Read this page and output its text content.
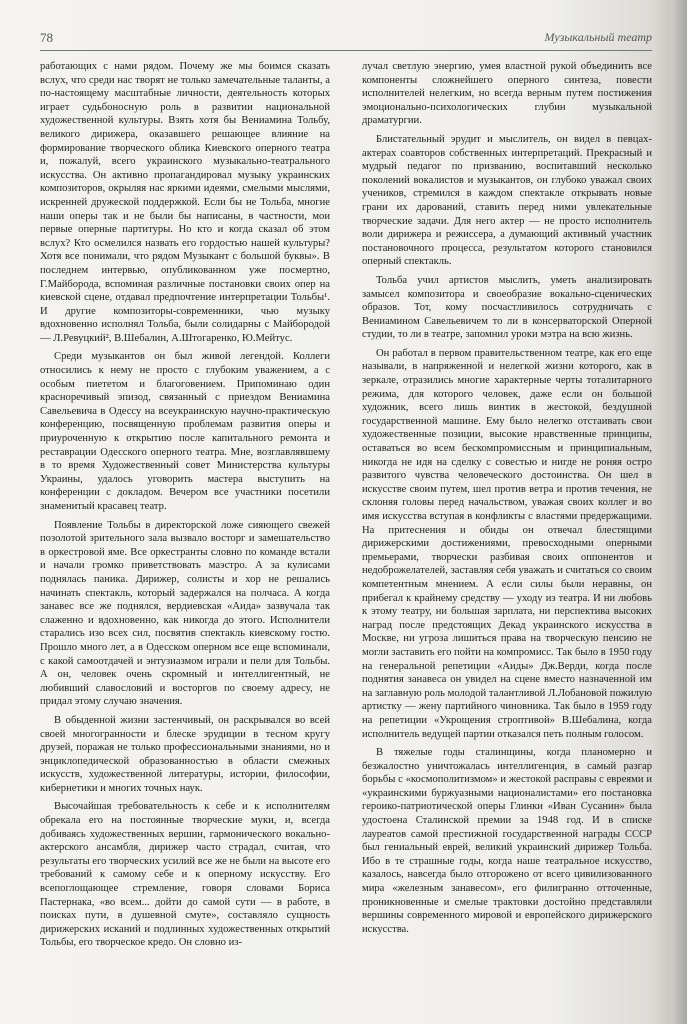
78	Музыкальный театр

работающих с нами рядом. Почему же мы боимся сказать вслух, что среди нас творят не только замечательные таланты, а по-настоящему масштабные личности, деятельность которых играет судьбоносную роль в развитии национальной художественной культуры. Взять хотя бы Вениамина Тольбу, великого дирижера, оказавшего решающее влияние на формирование творческого облика Киевского оперного театра и, пожалуй, всего украинского музыкально-театрального искусства. Он активно пропагандировал музыку украинских композиторов, окрыляя нас яркими идеями, смелыми мыслями, искренней дружеской поддержкой. Если бы не Тольба, многие наши оперы так и не были бы написаны, в частности, мои первые оперные партитуры. Но кто и когда сказал об этом вслух? Кто осмелился назвать его гордостью нашей культуры? Хотя все понимали, что рядом Музыкант с большой буквы». В последнем интервью, опубликованном уже посмертно, Г.Майборода, вспоминая различные постановки своих опер на киевской сцене, отдавал предпочтение интерпретации Тольбы¹. И другие композиторы-современники, чью музыку вдохновенно исполнял Тольба, были солидарны с Майбородой — Л.Ревуцкий², В.Шебалин, А.Штогаренко, Ю.Мейтус.

Среди музыкантов он был живой легендой. Коллеги относились к нему не просто с глубоким уважением, а с особым пиететом и благоговением. Припоминаю один красноречивый эпизод, связанный с приездом Вениамина Савельевича в Одессу на всеукраинскую научно-практическую конференцию, посвященную проблемам развития оперы и приуроченную к открытию после капитального ремонта и реставрации Одесского оперного театра. Мне, возглавлявшему в то время Художественный совет Министерства культуры Украины, удалось уговорить мастера выступить на конференции с докладом. Вечером все участники посетили знаменитый красавец театр.

Появление Тольбы в директорской ложе сияющего свежей позолотой зрительного зала вызвало восторг и замешательство в оркестровой яме. Все оркестранты словно по команде встали и начали громко приветствовать маэстро. А за кулисами поднялась паника. Дирижер, солисты и хор не решались начинать спектакль, который задержался на полчаса. А когда занавес все же поднялся, вердиевская «Аида» зазвучала так слаженно и вдохновенно, как никогда до этого. Исполнители старались изо всех сил, посвятив спектакль киевскому гостю. Прошло много лет, а в Одесском оперном все еще вспоминали, с какой самоотдачей и энтузиазмом играли и пели для Тольбы. А он, человек очень скромный и интеллигентный, не любивший славословий и восторгов по своему адресу, не придал этому случаю значения.

В обыденной жизни застенчивый, он раскрывался во всей своей многогранности и блеске эрудиции в тесном кругу друзей, поражая не только профессиональными знаниями, но и энциклопедической образованностью в области смежных искусств, художественной литературы, истории, философии, кибернетики и многих точных наук.

Высочайшая требовательность к себе и к исполнителям обрекала его на постоянные творческие муки, и, всегда добиваясь художественных вершин, гармонического вокально-актерского ансамбля, дирижер часто страдал, считая, что результаты его творческих усилий все же не были на высоте его требований к самому себе и к оперному искусству. Его всепоглощающее стремление, говоря словами Бориса Пастернака, «во всем... дойти до самой сути — в работе, в поисках пути, в душевной смуте», составляло сущность дирижерских исканий и подлинных художественных открытий Тольбы, его творческое кредо. Он словно из-

лучал светлую энергию, умея властной рукой объединить все компоненты сложнейшего оперного синтеза, повести исполнителей нелегким, но всегда верным путем постижения эмоционально-психологических глубин музыкальной драматургии.

Блистательный эрудит и мыслитель, он видел в певцах-актерах соавторов собственных интерпретаций. Прекрасный и мудрый педагог по призванию, воспитавший несколько поколений вокалистов и музыкантов, он глубоко уважал своих учеников, стремился в каждом спектакле открывать новые грани их дарований, ставить перед ними увлекательные творческие задачи. Для него актер — не просто исполнитель воли дирижера и режиссера, а думающий активный участник постановочного процесса, результатом которого становился оперный спектакль.

Тольба учил артистов мыслить, уметь анализировать замысел композитора и своеобразие вокально-сценических образов. Тот, кому посчастливилось сотрудничать с Вениамином Савельевичем то ли в консерваторской Оперной студии, то ли в театре, запомнил уроки мэтра на всю жизнь.

Он работал в первом правительственном театре, как его еще называли, в напряженной и нелегкой жизни которого, как в зеркале, отразились многие характерные черты тоталитарного режима, для которого человек, даже если он большой художник, всего лишь винтик в жестокой, бездушной государственной машине. Ему было нелегко отстаивать свои художественные позиции, высокие нравственные принципы, оставаться во всем бескомпромиссным и принципиальным, никогда не идя на сделку с совестью и нигде не роняя остро развитого чувства человеческого достоинства. Он шел в искусстве своим путем, шел против ветра и против течения, не склоняя головы перед начальством, уважая своих коллег и во имя искусства вступая в конфликты с властями предержащими. На притеснения и обиды он отвечал блестящими дирижерскими достижениями, превосходными оперными премьерами, творчески разбивая своих оппонентов и недоброжелателей, заставляя себя уважать и считаться со своим компетентным мнением. А если силы были неравны, он прибегал к крайнему средству — уходу из театра. И ни любовь к этому театру, ни большая зарплата, ни перспектива высоких наград после предстоящих Декад украинского искусства в Москве, ни угроза лишиться права на творческую пенсию не могли заставить его пойти на компромисс. Так было в 1950 году на генеральной репетиции «Аиды» Дж.Верди, когда после поднятия занавеса он увидел на сцене вместо назначенной им на заглавную роль молодой талантливой Л.Лобановой пожилую артистку — жену партийного чиновника. Так было в 1959 году на репетиции «Укрощения строптивой» В.Шебалина, когда исполнитель ведущей партии отказался петь полным голосом.

В тяжелые годы сталинщины, когда планомерно и безжалостно уничтожалась интеллигенция, в самый разгар борьбы с «космополитизмом» и жестокой расправы с евреями и «украинскими буржуазными националистами» его постановка героико-патриотической оперы Глинки «Иван Сусанин» была удостоена Сталинской премии за 1948 год. И в списке лауреатов самой престижной государственной награды СССР был гениальный еврей, великий украинский дирижер Тольба. Ибо в те страшные годы, когда наше театральное искусство, казалось, навсегда было отгорожено от всего цивилизованного мира «железным занавесом», его филигранно отточенные, проникновенные и смелые трактовки достойно представляли вершины современного мировой и европейского дирижерского искусства.
